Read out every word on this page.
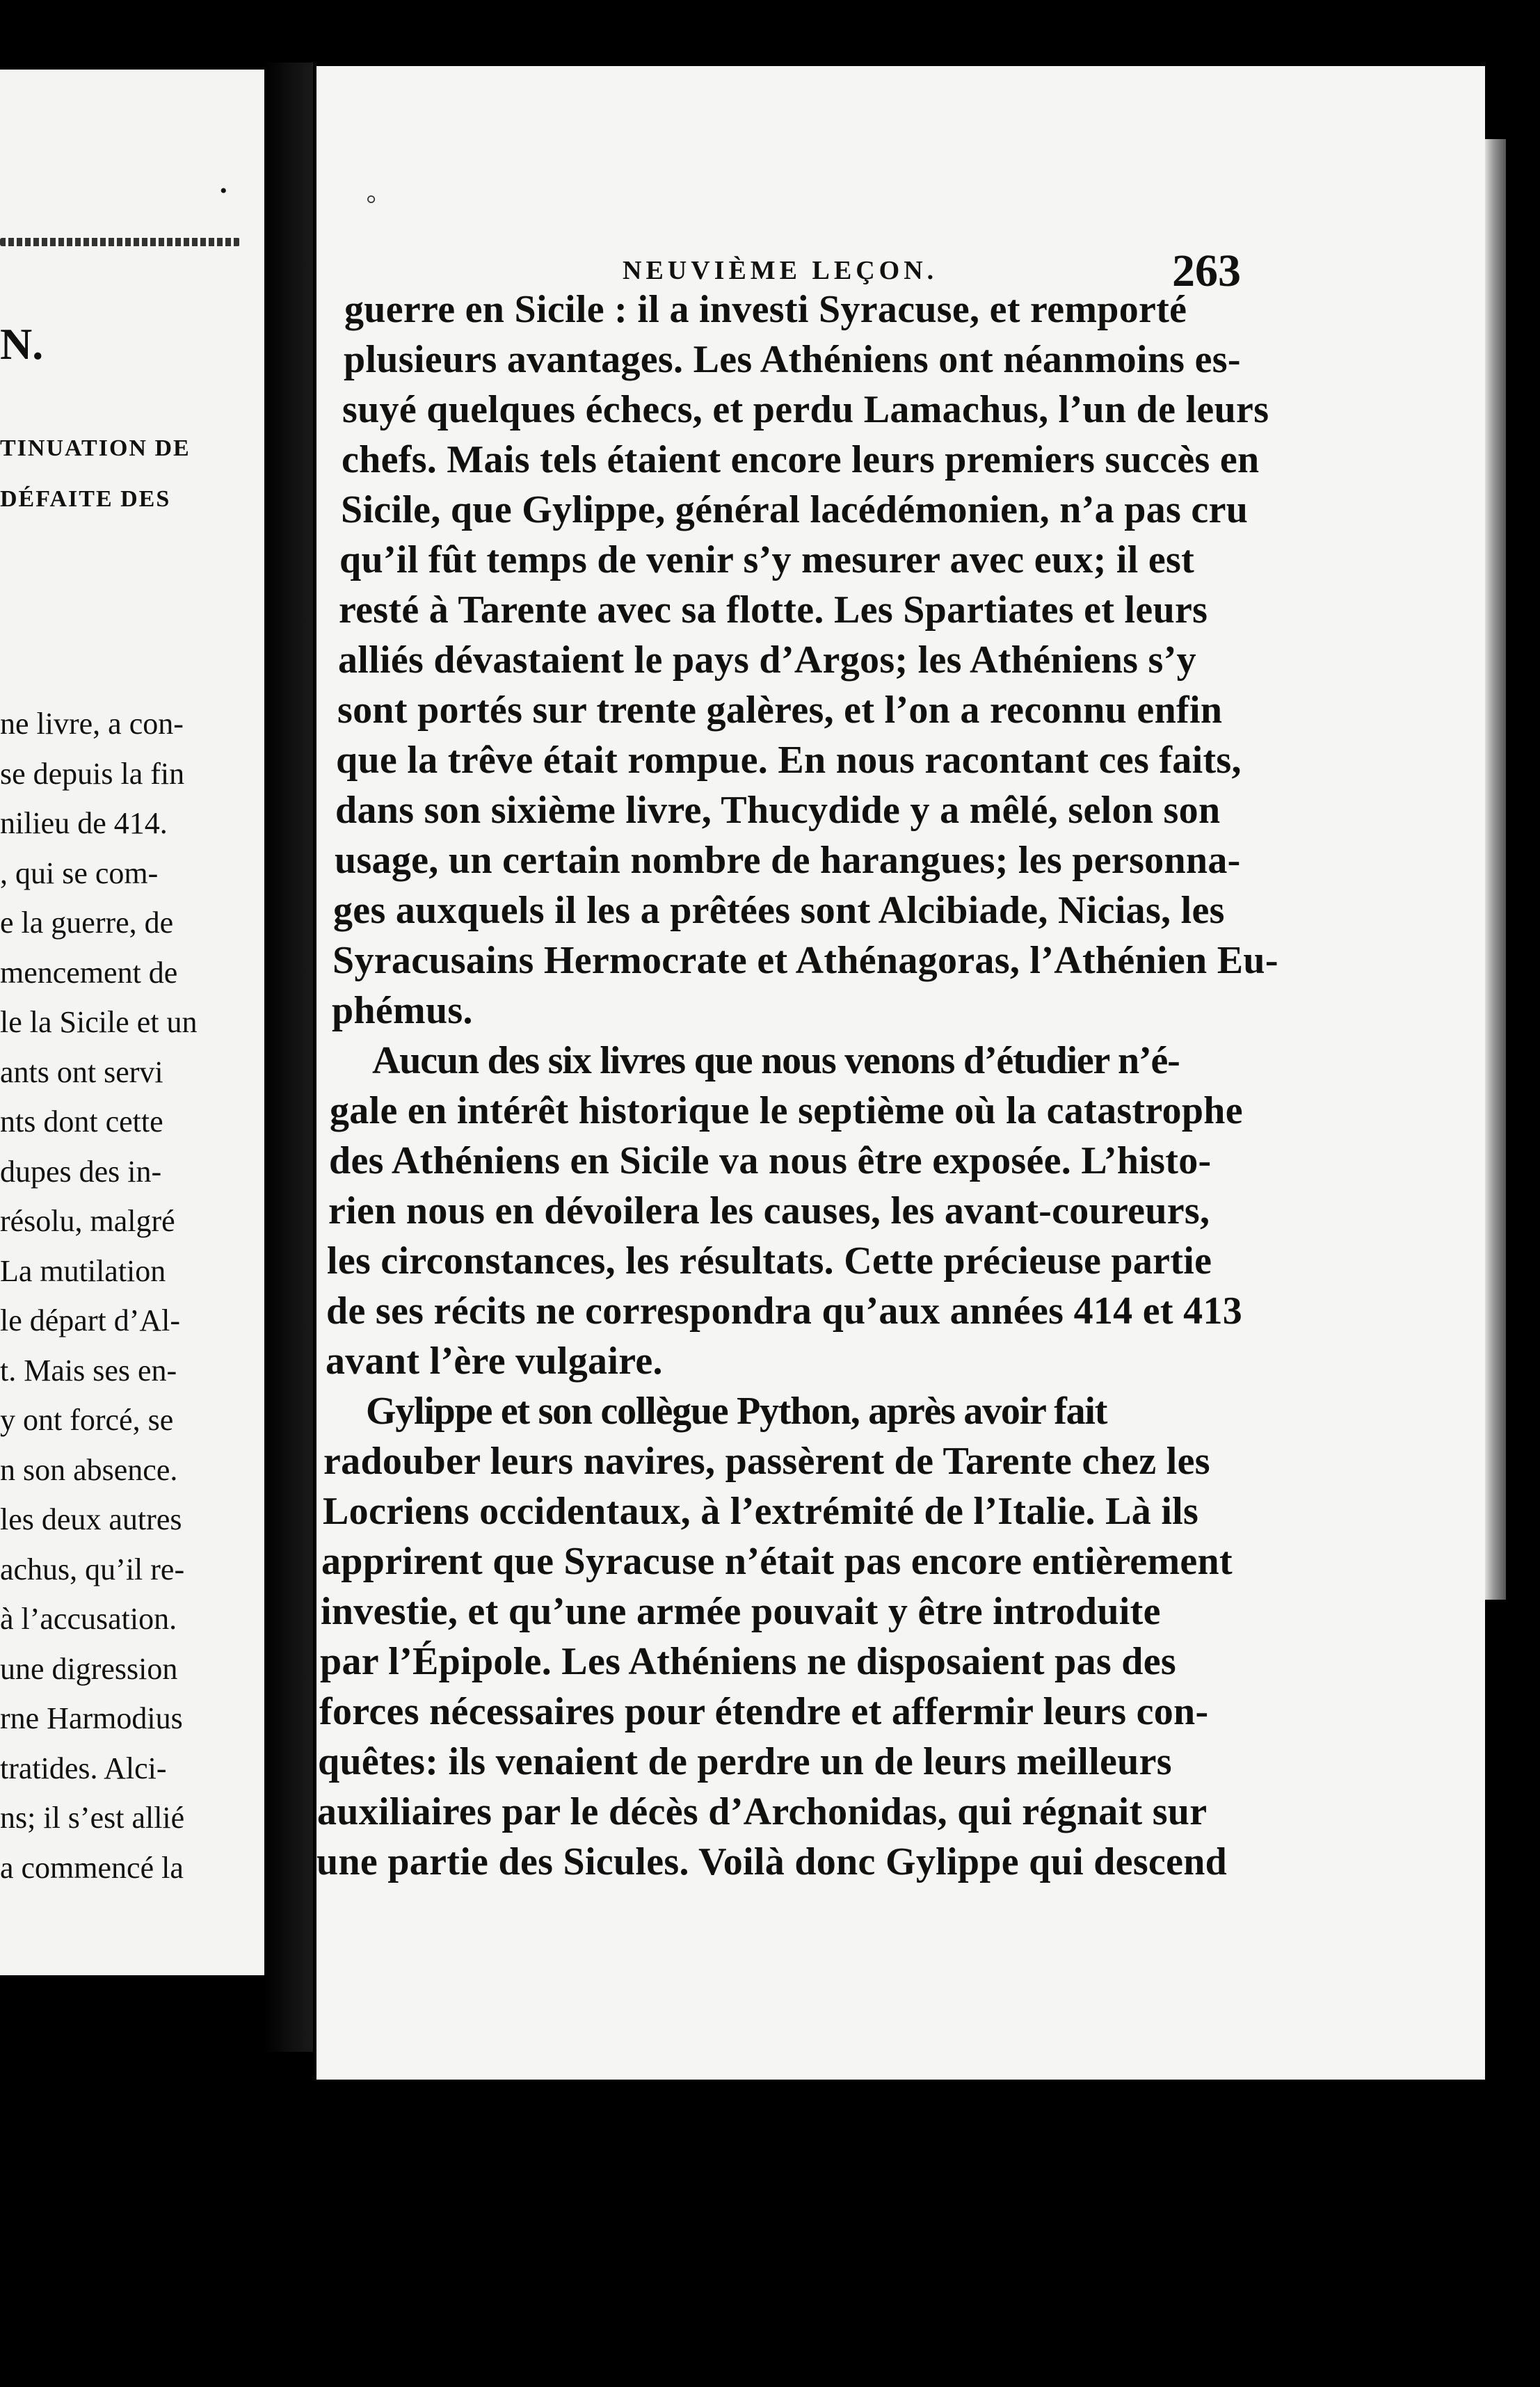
•
N.
TINUATION DE
DÉFAITE DES
ne livre, a con-
se depuis la fin
nilieu de 414.
, qui se com-
e la guerre, de
mencement de
le la Sicile et un
ants ont servi
nts dont cette
dupes des in-
résolu, malgré
La mutilation
le départ d’Al-
t. Mais ses en-
y ont forcé, se
n son absence.
les deux autres
achus, qu’il re-
à l’accusation.
une digression
rne Harmodius
tratides. Alci-
ns; il s’est allié
a commencé la
NEUVIÈME LEÇON.	263
guerre en Sicile : il a investi Syracuse, et remporté
plusieurs avantages. Les Athéniens ont néanmoins es-
suyé quelques échecs, et perdu Lamachus, l’un de leurs
chefs. Mais tels étaient encore leurs premiers succès en
Sicile, que Gylippe, général lacédémonien, n’a pas cru
qu’il fût temps de venir s’y mesurer avec eux; il est
resté à Tarente avec sa flotte. Les Spartiates et leurs
alliés dévastaient le pays d’Argos; les Athéniens s’y
sont portés sur trente galères, et l’on a reconnu enfin
que la trêve était rompue. En nous racontant ces faits,
dans son sixième livre, Thucydide y a mêlé, selon son
usage, un certain nombre de harangues; les personna-
ges auxquels il les a prêtées sont Alcibiade, Nicias, les
Syracusains Hermocrate et Athénagoras, l’Athénien Eu-
phémus.
Aucun des six livres que nous venons d’étudier n’é-
gale en intérêt historique le septième où la catastrophe
des Athéniens en Sicile va nous être exposée. L’histo-
rien nous en dévoilera les causes, les avant-coureurs,
les circonstances, les résultats. Cette précieuse partie
de ses récits ne correspondra qu’aux années 414 et 413
avant l’ère vulgaire.
Gylippe et son collègue Python, après avoir fait
radouber leurs navires, passèrent de Tarente chez les
Locriens occidentaux, à l’extrémité de l’Italie. Là ils
apprirent que Syracuse n’était pas encore entièrement
investie, et qu’une armée pouvait y être introduite
par l’Épipole. Les Athéniens ne disposaient pas des
forces nécessaires pour étendre et affermir leurs con-
quêtes: ils venaient de perdre un de leurs meilleurs
auxiliaires par le décès d’Archonidas, qui régnait sur
une partie des Sicules. Voilà donc Gylippe qui descend
⸰
